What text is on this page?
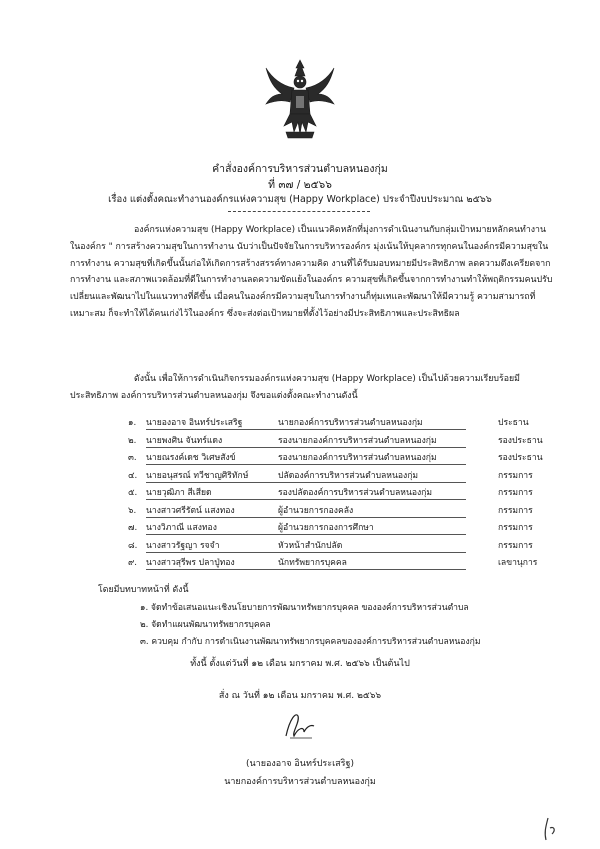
คำสั่งองค์การบริหารส่วนตำบลหนองกุ่ม
ที่ ๓๗ / ๒๕๖๖
เรื่อง แต่งตั้งคณะทำงานองค์กรแห่งความสุข (Happy Workplace) ประจำปีงบประมาณ ๒๕๖๖
องค์กรแห่งความสุข (Happy Workplace) เป็นแนวคิดหลักที่มุ่งการดำเนินงานกับกลุ่มเป้าหมายหลักคนทำงานในองค์กร " การสร้างความสุขในการทำงาน นับว่าเป็นปัจจัยในการบริหารองค์กร มุ่งเน้นให้บุคลากรทุกคนในองค์กรมีความสุขในการทำงาน ความสุขที่เกิดขึ้นนั้นก่อให้เกิดการสร้างสรรค์ทางความคิด งานที่ได้รับมอบหมายมีประสิทธิภาพ ลดความตึงเครียดจากการทำงาน และสภาพแวดล้อมที่ดีในการทำงานลดความขัดแย้งในองค์กร ความสุขที่เกิดขึ้นจากการทำงานทำให้พฤติกรรมคนปรับเปลี่ยนและพัฒนาไปในแนวทางที่ดีขึ้น เมื่อคนในองค์กรมีความสุขในการทำงานก็ทุ่มเทและพัฒนาให้มีความรู้ ความสามารถที่เหมาะสม ก็จะทำให้ได้คนเก่งไว้ในองค์กร ซึ่งจะส่งต่อเป้าหมายที่ตั้งไว้อย่างมีประสิทธิภาพและประสิทธิผล
ดังนั้น เพื่อให้การดำเนินกิจกรรมองค์กรแห่งความสุข (Happy Workplace) เป็นไปด้วยความเรียบร้อยมีประสิทธิภาพ องค์การบริหารส่วนตำบลหนองกุ่ม จึงขอแต่งตั้งคณะทำงานดังนี้
๑. นายองอาจ อินทร์ประเสริฐ	นายกองค์การบริหารส่วนตำบลหนองกุ่ม	ประธาน
๒. นายพงศิน จันทร์แดง	รองนายกองค์การบริหารส่วนตำบลหนองกุ่ม	รองประธาน
๓. นายณรงค์เดช วิเศษสังข์	รองนายกองค์การบริหารส่วนตำบลหนองกุ่ม	รองประธาน
๔. นายอนุสรณ์ ทวีชาญศิริทักษ์	ปลัดองค์การบริหารส่วนตำบลหนองกุ่ม	กรรมการ
๕. นายวุฒิภา สีเสียด	รองปลัดองค์การบริหารส่วนตำบลหนองกุ่ม	กรรมการ
๖. นางสาวศรีรัตน์ แสงทอง	ผู้อำนวยการกองคลัง	กรรมการ
๗. นางวิภาณี แสงทอง	ผู้อำนวยการกองการศึกษา	กรรมการ
๘. นางสาวรัฐญา รจจำ	หัวหน้าสำนักปลัด	กรรมการ
๙. นางสาวสุรีพร ปลาปู่ทอง	นักทรัพยากรบุคคล	เลขานุการ
โดยมีบทบาทหน้าที่ ดังนี้
๑. จัดทำข้อเสนอแนะเชิงนโยบายการพัฒนาทรัพยากรบุคคล ขององค์การบริหารส่วนตำบล
๒. จัดทำแผนพัฒนาทรัพยากรบุคคล
๓. ควบคุม กำกับ การดำเนินงานพัฒนาทรัพยากรบุคคลขององค์การบริหารส่วนตำบลหนองกุ่ม
ทั้งนี้ ตั้งแต่วันที่ ๑๒ เดือน มกราคม พ.ศ. ๒๕๖๖ เป็นต้นไป
สั่ง ณ วันที่ ๑๒ เดือน มกราคม พ.ศ. ๒๕๖๖
(นายองอาจ อินทร์ประเสริฐ)
นายกองค์การบริหารส่วนตำบลหนองกุ่ม
